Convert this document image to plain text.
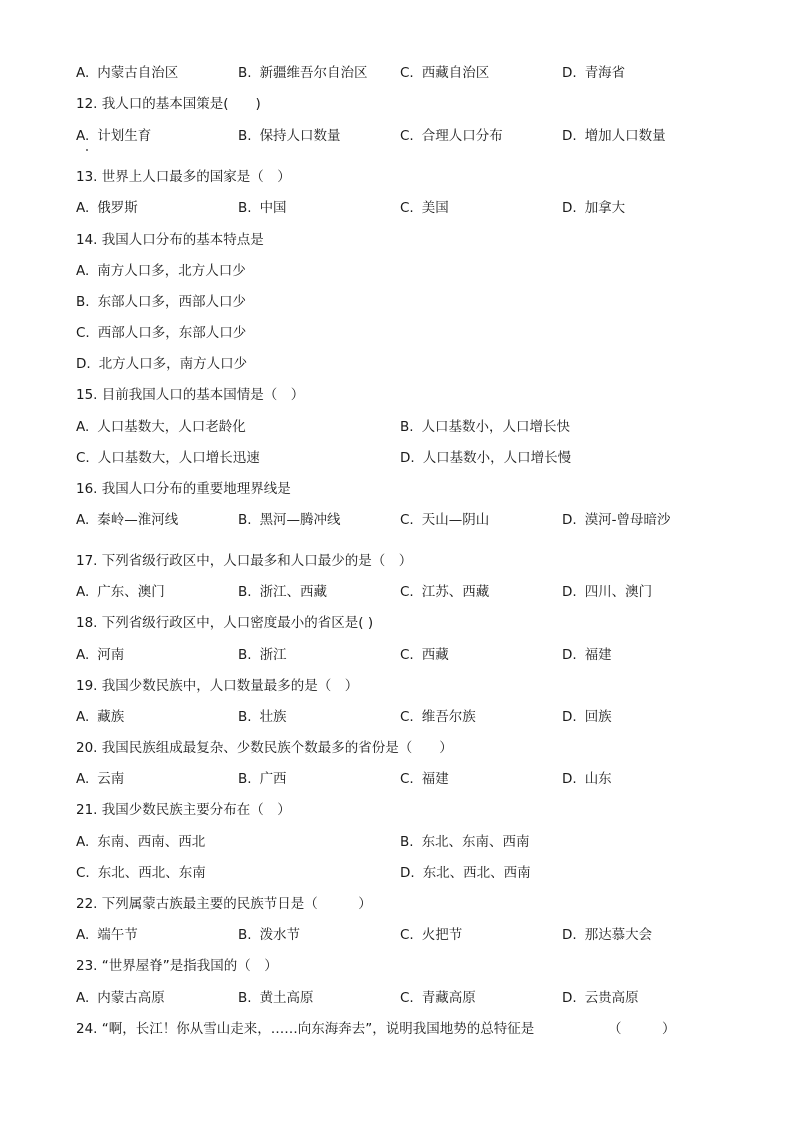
A. 内蒙古自治区	B. 新疆维吾尔自治区 C. 西藏自治区	D. 青海省
12. 我人口的基本国策是(　　)
A. 计划生育	B. 保持人口数量	C. 合理人口分布	D. 增加人口数量
13. 世界上人口最多的国家是（　）
A. 俄罗斯	B. 中国	C. 美国	D. 加拿大
14. 我国人口分布的基本特点是
A. 南方人口多，北方人口少
B. 东部人口多，西部人口少
C. 西部人口多，东部人口少
D. 北方人口多，南方人口少
15. 目前我国人口的基本国情是（　）
A. 人口基数大，人口老龄化	B. 人口基数小，人口增长快
C. 人口基数大，人口增长迅速	D. 人口基数小，人口增长慢
16. 我国人口分布的重要地理界线是
A. 秦岭—淮河线	B. 黑河—腾冲线	C. 天山—阴山	D. 漠河-曾母暗沙
17. 下列省级行政区中，人口最多和人口最少的是（　）
A. 广东、澳门	B. 浙江、西藏	C. 江苏、西藏	D. 四川、澳门
18. 下列省级行政区中，人口密度最小的省区是( )
A. 河南	B. 浙江	C. 西藏	D. 福建
19. 我国少数民族中，人口数量最多的是（　）
A. 藏族	B. 壮族	C. 维吾尔族	D. 回族
20. 我国民族组成最复杂、少数民族个数最多的省份是（　　）
A. 云南	B. 广西	C. 福建	D. 山东
21. 我国少数民族主要分布在（　）
A. 东南、西南、西北	B. 东北、东南、西南
C. 东北、西北、东南	D. 东北、西北、西南
22. 下列属蒙古族最主要的民族节日是（　　　）
A. 端午节	B. 泼水节	C. 火把节	D. 那达慕大会
23. “世界屋脊”是指我国的（　）
A. 内蒙古高原	B. 黄土高原	C. 青藏高原	D. 云贵高原
24. “啊，长江！你从雪山走来，……向东海奔去”，说明我国地势的总特征是	（　　　）
